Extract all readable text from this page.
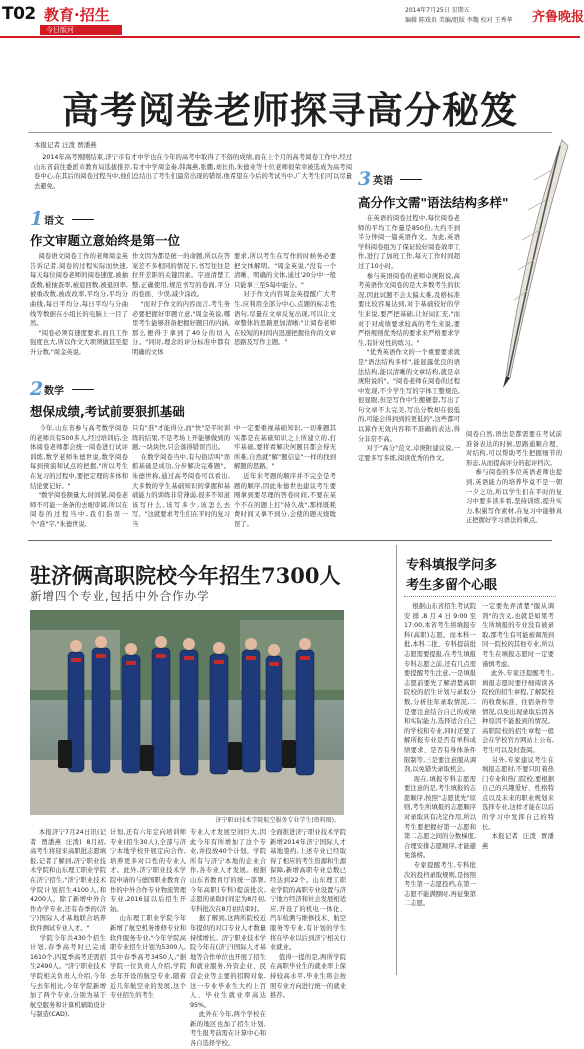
T02 教育·招生
今日版河
2014年7月25日 星期五
编辑 陈戏贵 美编/组版 李魏 校对 王秀华 齐鲁晚报
高考阅卷老师探寻高分秘笈
本报记者 汪泼 贾潘燕
2014年高考刚刚结束,济宁市有才中学也在今年的高考中取得了不俗的成绩,而在上个月的高考阅卷工作中,经过山东省前往委派市教育局选拔推荐,有才中学周金奏,韩海燕,张鹏,刘长佑,朱德业等十位老师很荣幸被选成为高考阅卷中心,在其后的阅卷过程当中,他们总结出了考生们最常出现的错误,他希望在今后的考试当中,广大考生们可以尽量去避免。
1 语文
作文审题立意始终是第一位
阅卷语文阅卷工作的老师周金英告诉记者,阅卷的过程实际而快速,每天每位阅卷老师的阅卷速度,被抽查数,被抽查率,被退回数,被退回率,被重改数,被改改率,平均分,平均分曲线,每日平均分,每日平均与分曲线等数据在小组长的电脑上一目了然。
"阅卷必须有速度要求,而且工作强度也大,所以作文大项须做甚至提升分数,"周金英说,
作文因为都是统一的命题,所以在答案差不多相同的情况下,书写往往是拉开差距的关键因素。字迹清楚工整,正确使用,规范书写的卷面,平分的卷面、少误,减少涂改。
"而对于作文的内容而言,考生务必要把握好审题立意,"周金英说,哪里考生能够准备把握好题目的内涵,那么便得于拿到了40分的切入分。"同时,理念的评分标准中都有明确的文体
要求,所以考生在写作的时候务必要把文体解明。"周金英说,"没有一个清晰、明确的文体,通过'20分中一般只能拿三至5每中能分。"
对于作文内容周金英提醒广大考生,应利用全部分中心,点题的标志性语句,尽量在文章反复出现,可以让文章整体的思路更加清晰:"让阅卷老师在较短的时间内迅速把握住你的文章思路及写作主题。"
2 数学
想保成绩,考试前要狠抓基础
今年,山东省参与高考数学阅卷的老师共有500多人,经过培训后,全体阅卷老师都会统一阅卷进行试评训练,数学老师朱德世说,数学阅卷每到预演和试点的把握,"所以考生在复习的过程中,要把定理的多体和结论要记好。"
"数学阅卷额量大,时间紧,阅卷老师不可能一条条的去细审阅,所以在阅卷的过程当中,我们指误一个"准"字,"朱德世说,
只有"准"才能得分,而"快"是平时训练的结果,不是考场上开能够做到的题,一块块快,只会落得错误百出。
在数学阅卷当中,有句俗话叫"误抓基础是成功,分步解决完难题"。朱德世称,通过高考阅卷可以看出,大多数的学生基础知识的掌握和基础能力的训练非常薄弱,很多不知道该写什么,该写多少,该怎么去写。"这就要求考生们在平时的复习当
中一定要重视基础知识,一切难题其实都是在基础知识之上所建立的,打牢基础,要将看解决何题目都会得无所难,自然就"解"题信息"一样的找到解题的思路。"
近年来考题的顺序并不完全是考题的顺序,因此朱德世也建议考生要刚拿到要尽理的答卷时间,不要在某个不在的题上打"持久战",那样既耗费时间又拿不到分,会使的题灭烧耽误了。
3 英语
高分作文需"语法结构多样"
在英语的阅卷过程中,每位阅卷老师的平均工作量是850份,大约不到半分钟阅一篇英语作文。为此,英语学科阅卷组为了保证较好阅卷效率工作,进行了加班工作,每天工作时间超过了10小时。
参与英语阅卷的老师卓庚附说,高考英语作文阅卷的是大多数考生的状况,因此试题不会太偏太难,及格标准要比较容易达到,对于基础较好的学生来说,要严把基础,让好词汇充,"而对于对成绩要求较高的考生来说,要严格规则优秀结的要求来严格要求学生,有针对性的练习。"
"优秀英语作文的一个重要要求就是"语法结构多样",能显露优良的语法结构,能以清晰的文章结构,就是卓庚附说的"。"阅卷老师在阅卷的过程中发现,不少学生写的字体工整规范,很显眼,但是写作中生搬硬套,写出了句文章不太完美,写出分数却在很低的,可能会得到到的更低的",这些都可以算作无效内容和不准确的表达,得分非常不高。
对于"高分"范文,卓庚附建议说,一定要多写多练,阅读优秀的作文。
阅卷自然,语法是都需要在考试前准备表达的时候,思路通顺合理、对结构,可以帮助考生把握细节的形态,从而提高评分的起评档次。
参与阅卷的多位英语老师也提到,英语能力的培养毕竟不是一朝一夕之功,所以学生们在平时的复习中要多读多看,坚持训练,提升实力,积累写作素材,在复习中能够真正把握好学习语法的重点。
驻济俩高职院校今年招生7300人
新增四个专业,包括中外合作办学
济宁职业技术学院航空服务专业学生(资料图)。
本报济宁7月24日讯(记者  贾潘燕  汪泼)  8月初,高考生将迎来高职批志愿填报,记者了解到,济宁职业技术学院和山东理工职业学院在济宁招生,"济宁职业技术学院计划招生4100人,和4200人。除了新增中外合作办学专业,还有春季的(济宁)国际人才基地联合培养软件测试专业人才。"
学院今年共430个招生计划,春季高考时已完成1610个,四夏季高考还需招生2490人。"济宁职业技术学院相关负责人介绍,今年与去年相比,今年学院新增加了两个专业,分别为基于航空服务和计算机辅助设计与制造(CAD),
计划,还有六年定向培训师专业(招生30人),全部与济宁本地学校开展定向合作,培养更多对口性的专业人才。此外,济宁职业技术学院申请的与德国职业教育合作的中外合作专业物流管理专业,2016届以后招生开始。
山东理工职业学院今年新增了航空机务维修专业和软件服务专业,"今年学院高职专业招生计划为5300人,其中春季高考3450人,"据学院一位负责人介绍,学院去年开设的航空专业,随着近几年航空业的发展,这个专业招生的考生
专业人才发展空间巨大,因此今年有所增加了这个专业,并投放40个计划。学院所有与济宁本地的企业合作,各专业人才发展。根据山东省教育厅的统一部署,今年高职(专科)提前批次,志愿的录取时间定为8月初,专科批次在8月初结束时。
据了解到,这两所院校近年提供的对口专业人才数量持续增长。济宁职业技术学院今年在(济宁)国际人才基地等合作单位也开展了招生和就业服务,外资企业、民营企业等主要的招聘对象,这一专业毕业生大约上百人、毕业生就业率高达95%。
此外在今年,两个学校在新的地区也加了招生计划,考生报考前需在计算中心和各自选择学校。
全面推进济宁职业技术学院新增2014年济宁国际人才基地签约,上述专业已经取得了相应的考生资源和生源保障,新增高职专业总数已经达到22个。山东理工职业学院的高职专业设置与济宁地方经济和社会发展相适应,开设了的机电一体化、汽车检测与维修技术、航空服务等专业,有计划的学生将在毕业以后到济宁相关行业就业。
值得一提的是,两所学院在高职毕业生的就业率上保持较高水平,毕业生将会按照专业方向进行统一的就业推荐。
专科填报学问多
考生多留个心眼
根据山东省招生考试院安排,8月4日9:00至17:00,本省考生将填报专科(高职)志愿。而本科一批,本科二批、专科提前批志愿需要提报,在考生填报专科志愿之前,还有几点需要提醒考生注意,一是填报志愿前要先了解清楚高职院校的招生计划与录取分数,分析往年录取情况,二是要注意结合自己的成绩和实际能力,选择适合自己的学校和专业,同时还要了解所报专业是否有单科成绩要求、是否有身体条件限制等,三是要注意服从调剂,以免错失录取机会。
现在,填报专科志愿需要注意的是,考生填报的志愿顺序,按照"志愿优先"原则,考生所填报的志愿顺序对录取具有决定作用,所以考生要把握好第一志愿和第二志愿之间的分数梯度,合理安排志愿顺序,才能避免落榜。
专家提醒考生,专科批次的投档录取规则,是按照考生第一志愿投档,在第一志愿不能满额时,再征集第二志愿。
一定要先弄清楚"服从调剂"的含义,也就是如果考生所填报的专业没有被录取,那考生有可能被调剂到同一院校的其他专业,所以考生在填报志愿时一定要谨慎考虑。
此外,专家还提醒考生,填报志愿时要仔细阅读各院校的招生章程,了解院校的收费标准、住宿条件等情况,以免出现录取后因各种原因不能报到的情况。高职院校的招生章程一般会在学校官方网站上公布,考生可以及时查阅。
另外,专家建议考生在填报志愿时,不要只盯着热门专业和热门院校,要根据自己的兴趣爱好、性格特点以及未来的职业规划来选择专业,这样才能在以后的学习中发挥自己的特长。
本报记者  汪泼  贾潘燕
